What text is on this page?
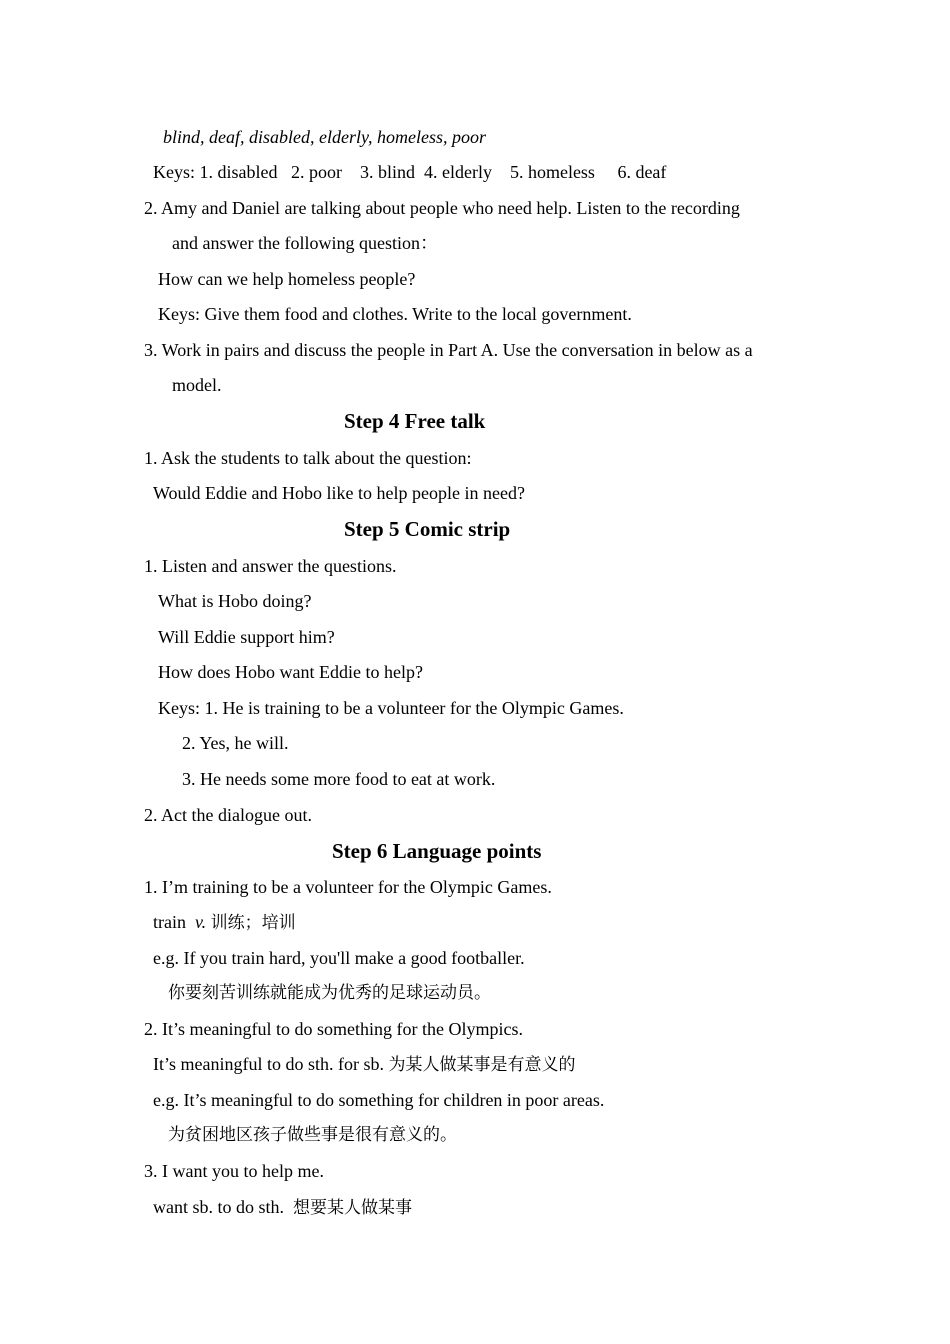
blind, deaf, disabled, elderly, homeless, poor
Keys: 1. disabled   2. poor    3. blind  4. elderly    5. homeless     6. deaf
2. Amy and Daniel are talking about people who need help. Listen to the recording
and answer the following question：
How can we help homeless people?
Keys: Give them food and clothes. Write to the local government.
3. Work in pairs and discuss the people in Part A. Use the conversation in below as a
model.
Step 4 Free talk
1. Ask the students to talk about the question:
Would Eddie and Hobo like to help people in need?
Step 5 Comic strip
1. Listen and answer the questions.
What is Hobo doing?
Will Eddie support him?
How does Hobo want Eddie to help?
Keys: 1. He is training to be a volunteer for the Olympic Games.
2. Yes, he will.
3. He needs some more food to eat at work.
2. Act the dialogue out.
Step 6 Language points
1. I’m training to be a volunteer for the Olympic Games.
train v. 训练；培训
e.g. If you train hard, you'll make a good footballer.
你要刻苦训练就能成为优秀的足球运动员。
2. It’s meaningful to do something for the Olympics.
It’s meaningful to do sth. for sb. 为某人做某事是有意义的
e.g. It’s meaningful to do something for children in poor areas.
为贫困地区孩子做些事是很有意义的。
3. I want you to help me.
want sb. to do sth. 想要某人做某事
